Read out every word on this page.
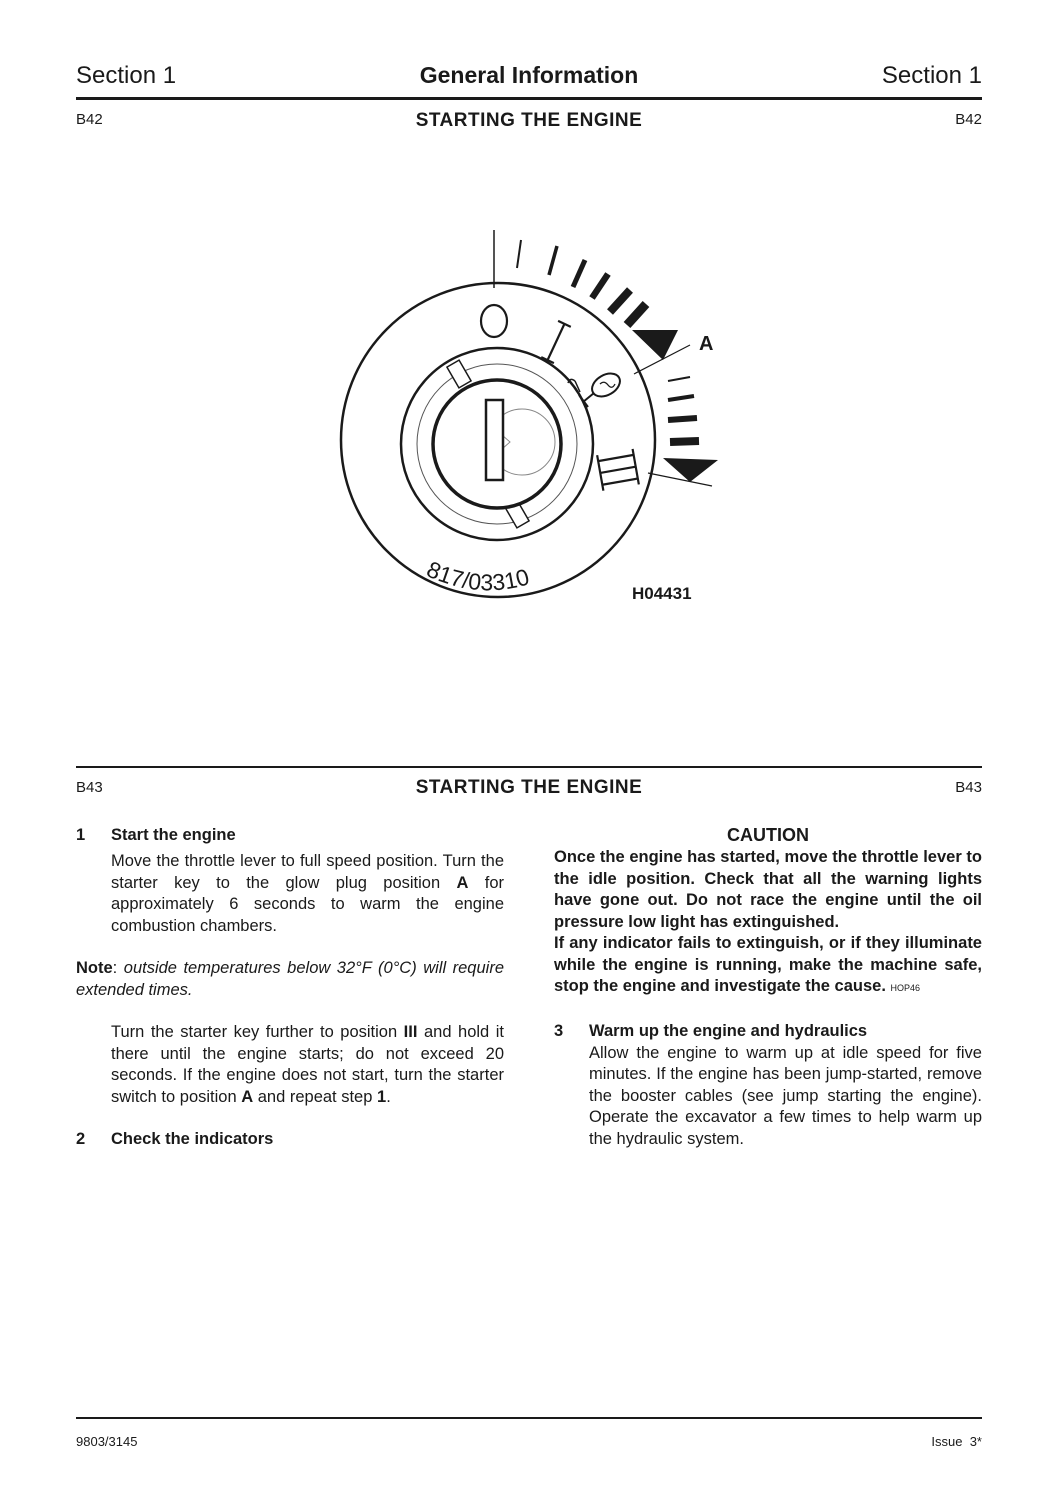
Section 1	General Information	Section 1
B42	STARTING THE ENGINE	B42
817/03310
A
H04431
B43	STARTING THE ENGINE	B43
1 Start the engine

Move the throttle lever to full speed position. Turn the starter key to the glow plug position A for approximately 6 seconds to warm the engine combustion chambers.

Note: outside temperatures below 32°F (0°C) will require extended times.

Turn the starter key further to position III and hold it there until the engine starts; do not exceed 20 seconds. If the engine does not start, turn the starter switch to position A and repeat step 1.

2 Check the indicators
CAUTION

Once the engine has started, move the throttle lever to the idle position. Check that all the warning lights have gone out. Do not race the engine until the oil pressure low light has extinguished.

If any indicator fails to extinguish, or if they illuminate while the engine is running, make the machine safe, stop the engine and investigate the cause. HOP46

3 Warm up the engine and hydraulics

Allow the engine to warm up at idle speed for five minutes. If the engine has been jump-started, remove the booster cables (see jump starting the engine). Operate the excavator a few times to help warm up the hydraulic system.

9803/3145	Issue  3*
